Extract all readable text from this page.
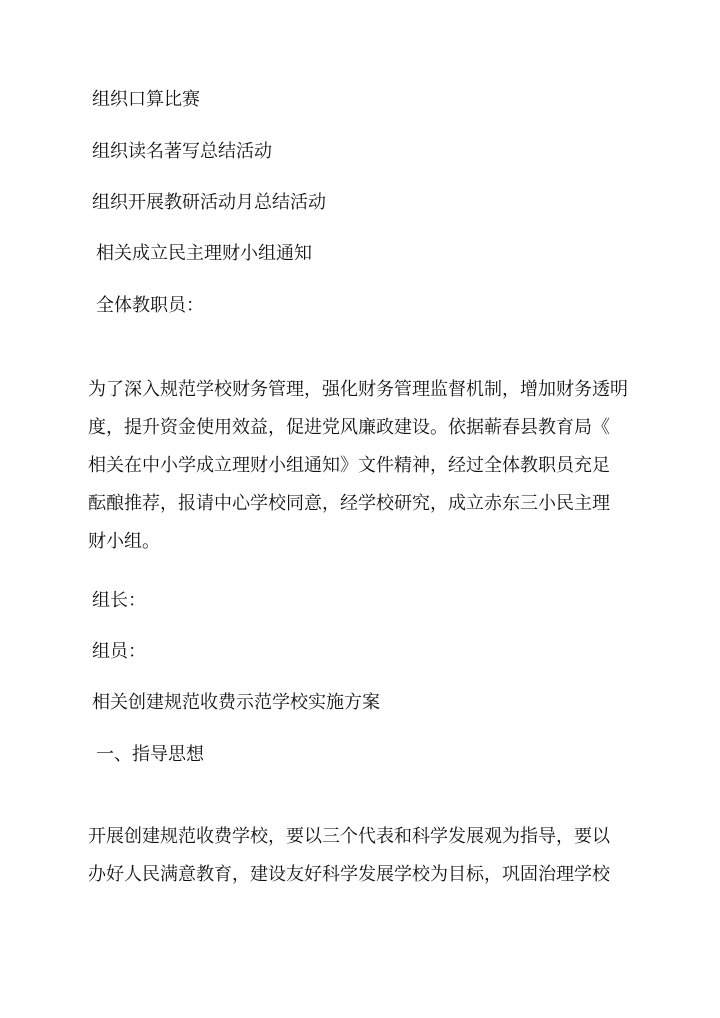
组织口算比赛

组织读名著写总结活动

组织开展教研活动月总结活动

相关成立民主理财小组通知

全体教职员：

为了深入规范学校财务管理，强化财务管理监督机制，增加财务透明
度，提升资金使用效益，促进党风廉政建设。依据蕲春县教育局《
相关在中小学成立理财小组通知》文件精神，经过全体教职员充足
酝酿推荐，报请中心学校同意，经学校研究，成立赤东三小民主理
财小组。

组长：

组员：

相关创建规范收费示范学校实施方案

一、指导思想

开展创建规范收费学校，要以三个代表和科学发展观为指导，要以
办好人民满意教育，建设友好科学发展学校为目标，巩固治理学校
